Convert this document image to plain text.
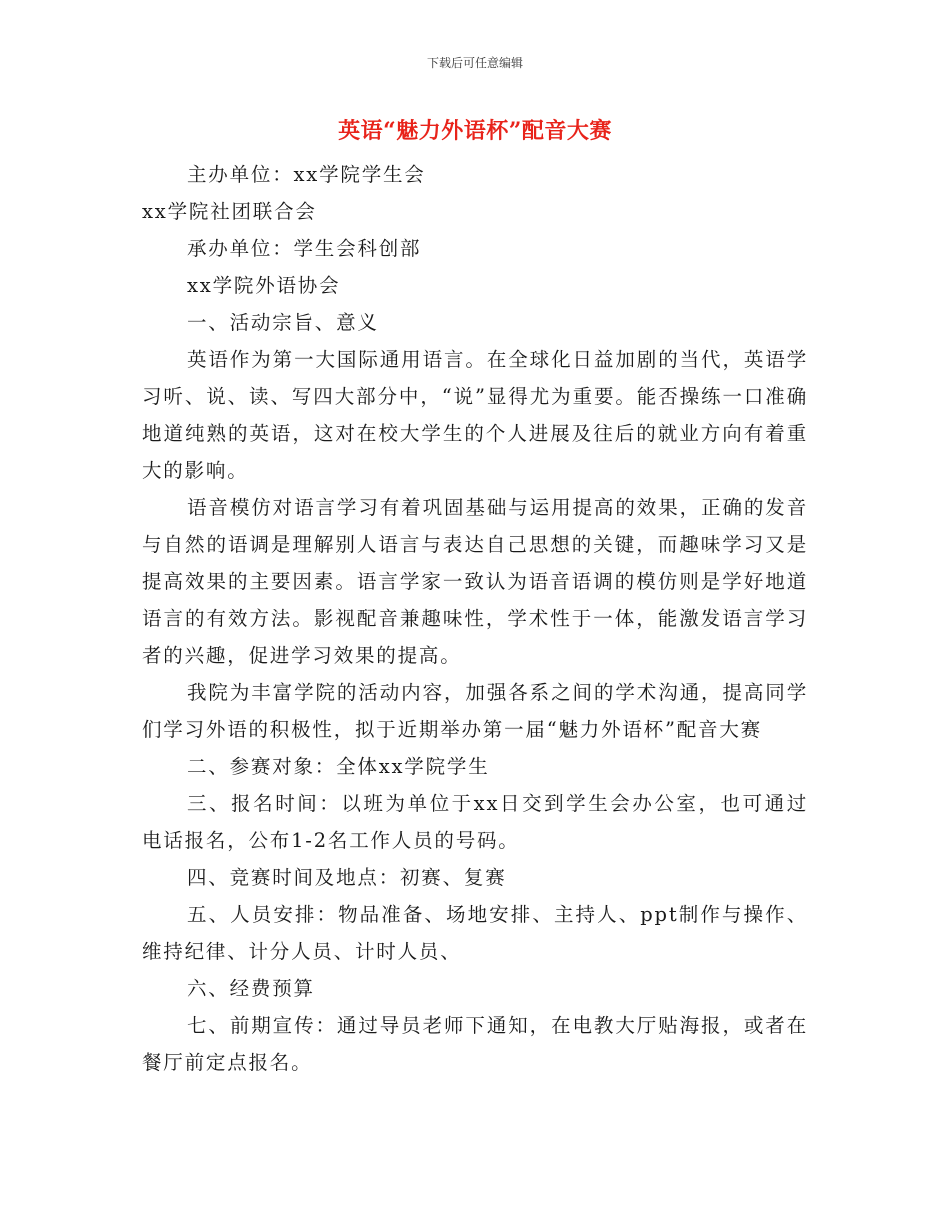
下载后可任意编辑
英语“魅力外语杯”配音大赛

主办单位：xx学院学生会

xx学院社团联合会

承办单位：学生会科创部

xx学院外语协会

一、活动宗旨、意义

英语作为第一大国际通用语言。在全球化日益加剧的当代，英语学习听、说、读、写四大部分中，“说”显得尤为重要。能否操练一口准确地道纯熟的英语，这对在校大学生的个人进展及往后的就业方向有着重大的影响。

语音模仿对语言学习有着巩固基础与运用提高的效果，正确的发音与自然的语调是理解别人语言与表达自己思想的关键，而趣味学习又是提高效果的主要因素。语言学家一致认为语音语调的模仿则是学好地道语言的有效方法。影视配音兼趣味性，学术性于一体，能激发语言学习者的兴趣，促进学习效果的提高。

我院为丰富学院的活动内容，加强各系之间的学术沟通，提高同学们学习外语的积极性，拟于近期举办第一届“魅力外语杯”配音大赛

二、参赛对象：全体xx学院学生

三、报名时间：以班为单位于xx日交到学生会办公室，也可通过电话报名，公布1-2名工作人员的号码。

四、竞赛时间及地点：初赛、复赛

五、人员安排：物品准备、场地安排、主持人、ppt制作与操作、维持纪律、计分人员、计时人员、

六、经费预算

七、前期宣传：通过导员老师下通知，在电教大厅贴海报，或者在餐厅前定点报名。
